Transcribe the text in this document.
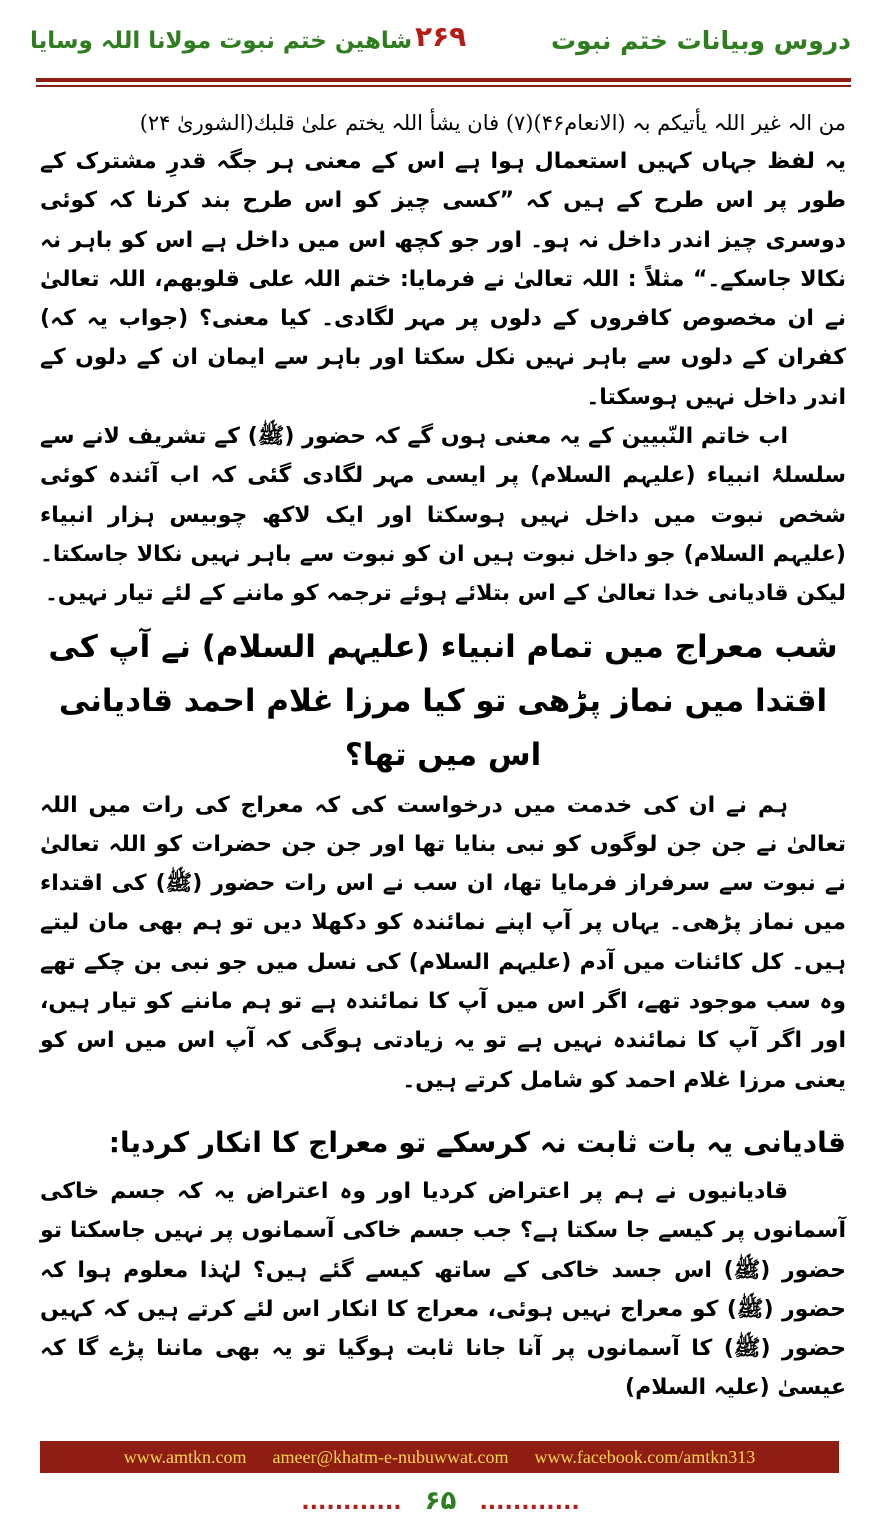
دروس وبیانات ختم نبوت
۲۶۹
شاهین ختم نبوت مولانا اللہ وسایا

من الہ غیر اللہ یأتیکم بہ (الانعام۴۶)(۷) فان یشأ اللہ یختم علیٰ قلبك(الشوریٰ ۲۴)

یہ لفظ جہاں کہیں استعمال ہوا ہے اس کے معنی ہر جگہ قدرِ مشترک کے طور پر اس طرح کے ہیں کہ ”کسی چیز کو اس طرح بند کرنا کہ کوئی دوسری چیز اندر داخل نہ ہو۔ اور جو کچھ اس میں داخل ہے اس کو باہر نہ نکالا جاسکے۔“ مثلاً : اللہ تعالیٰ نے فرمایا: ختم اللہ علی قلوبھم، اللہ تعالیٰ نے ان مخصوص کافروں کے دلوں پر مہر لگادی۔ کیا معنی؟ (جواب یہ کہ) کفران کے دلوں سے باہر نہیں نکل سکتا اور باہر سے ایمان ان کے دلوں کے اندر داخل نہیں ہوسکتا۔

اب خاتم النّبیین کے یہ معنی ہوں گے کہ حضور (ﷺ) کے تشریف لانے سے سلسلۂ انبیاء (علیہم السلام) پر ایسی مہر لگادی گئی کہ اب آئندہ کوئی شخص نبوت میں داخل نہیں ہوسکتا اور ایک لاکھ چوبیس ہزار انبیاء (علیہم السلام) جو داخل نبوت ہیں ان کو نبوت سے باہر نہیں نکالا جاسکتا۔ لیکن قادیانی خدا تعالیٰ کے اس بتلائے ہوئے ترجمہ کو ماننے کے لئے تیار نہیں۔

شب معراج میں تمام انبیاء (علیہم السلام) نے آپ کی اقتدا میں نماز پڑھی تو کیا مرزا غلام احمد قادیانی اس میں تھا؟

ہم نے ان کی خدمت میں درخواست کی کہ معراج کی رات میں اللہ تعالیٰ نے جن جن لوگوں کو نبی بنایا تھا اور جن جن حضرات کو اللہ تعالیٰ نے نبوت سے سرفراز فرمایا تھا، ان سب نے اس رات حضور (ﷺ) کی اقتداء میں نماز پڑھی۔ یہاں پر آپ اپنے نمائندہ کو دکھلا دیں تو ہم بھی مان لیتے ہیں۔ کل کائنات میں آدم (علیہم السلام) کی نسل میں جو نبی بن چکے تھے وہ سب موجود تھے، اگر اس میں آپ کا نمائندہ ہے تو ہم ماننے کو تیار ہیں، اور اگر آپ کا نمائندہ نہیں ہے تو یہ زیادتی ہوگی کہ آپ اس میں اس کو یعنی مرزا غلام احمد کو شامل کرتے ہیں۔

قادیانی یہ بات ثابت نہ کرسکے تو معراج کا انکار کردیا:

قادیانیوں نے ہم پر اعتراض کردیا اور وہ اعتراض یہ کہ جسم خاکی آسمانوں پر کیسے جا سکتا ہے؟ جب جسم خاکی آسمانوں پر نہیں جاسکتا تو حضور (ﷺ) اس جسد خاکی کے ساتھ کیسے گئے ہیں؟ لہٰذا معلوم ہوا کہ حضور (ﷺ) کو معراج نہیں ہوئی، معراج کا انکار اس لئے کرتے ہیں کہ کہیں حضور (ﷺ) کا آسمانوں پر آنا جانا ثابت ہوگیا تو یہ بھی ماننا پڑے گا کہ عیسیٰ (علیہ السلام)

www.amtkn.com ameer@khatm-e-nubuwwat.com www.facebook.com/amtkn313
............ ۶۵ ............
